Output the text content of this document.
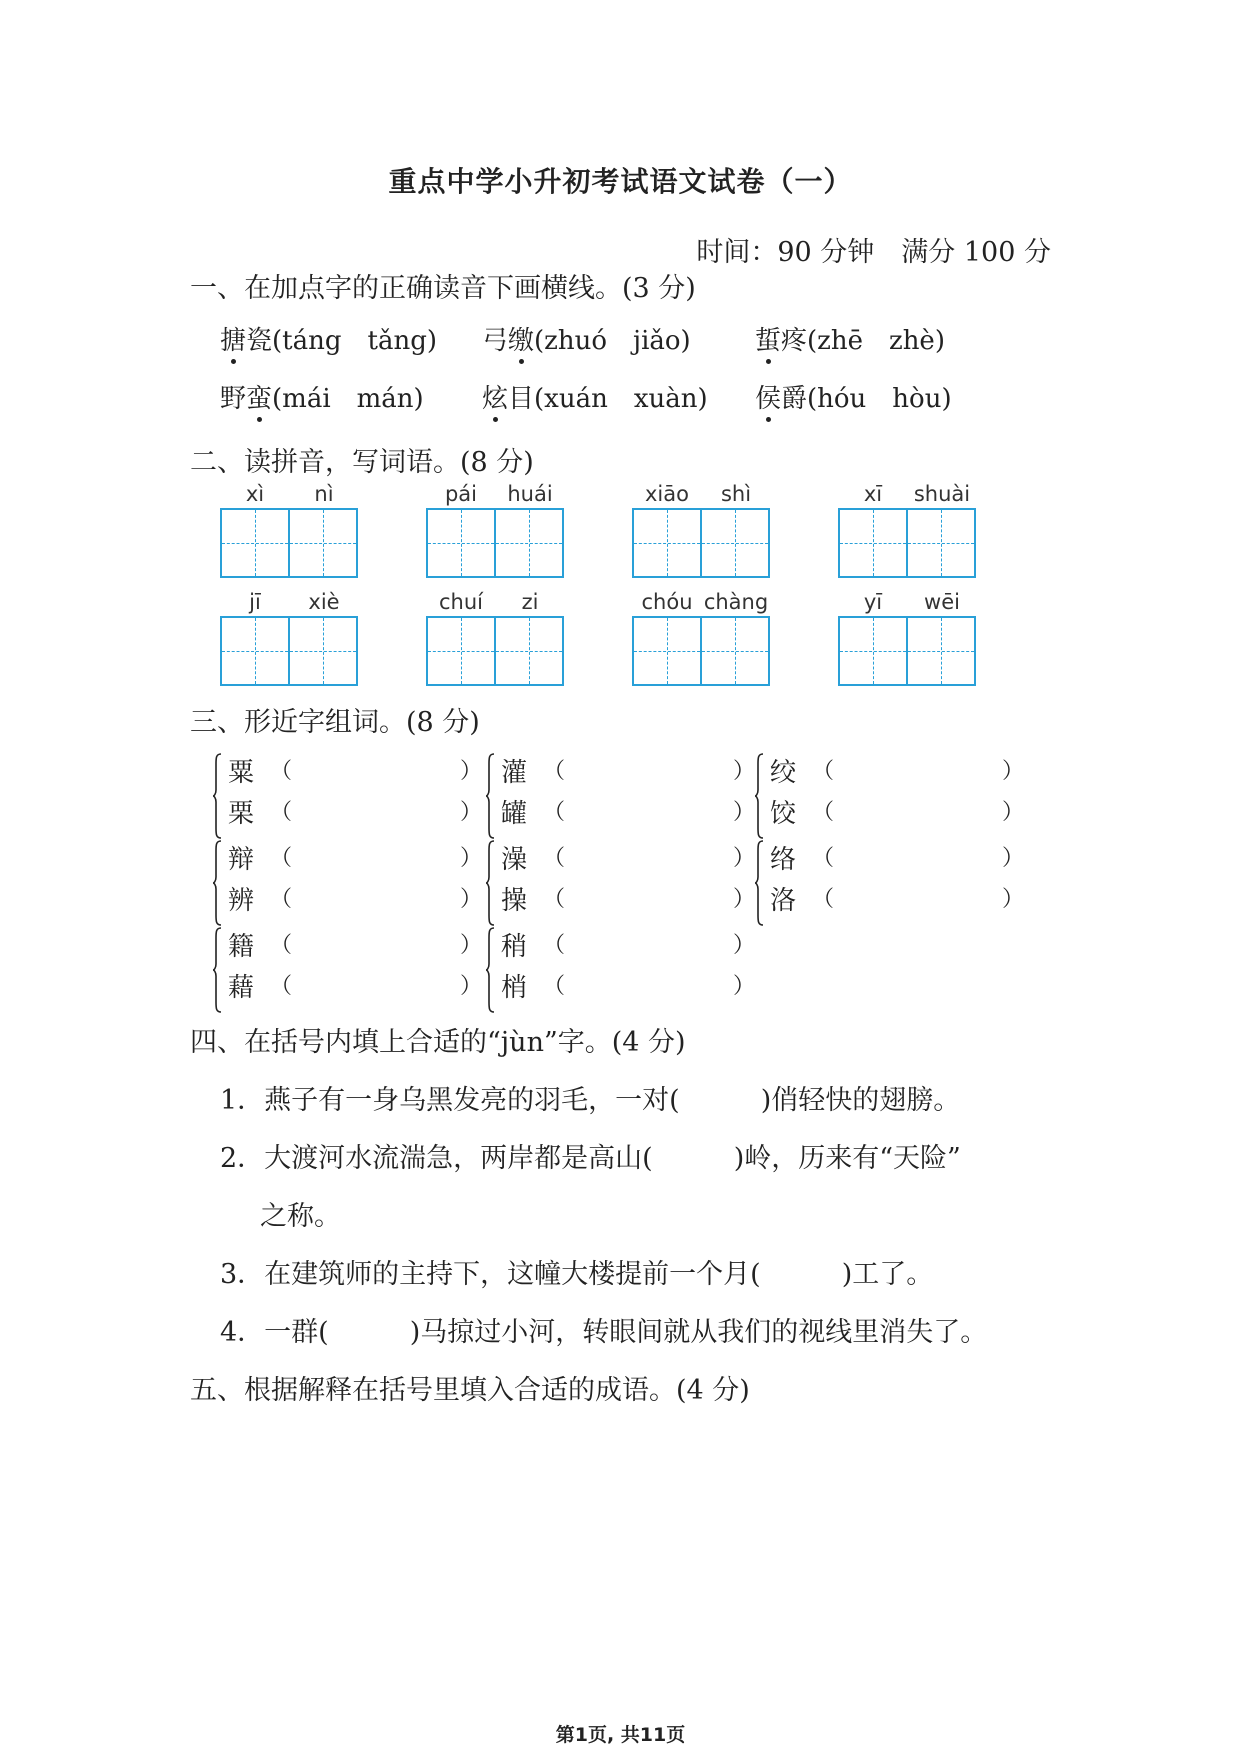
重点中学小升初考试语文试卷（一）
时间：90 分钟　满分 100 分
一、在加点字的正确读音下画横线。(3 分)
搪瓷(táng　tǎng) 弓缴(zhuó　jiǎo) 蜇疼(zhē　zhè)
野蛮(mái　mán) 炫目(xuán　xuàn) 侯爵(hóu　hòu)
二、读拼音，写词语。(8 分)
xì	nì	pái	huái	xiāo	shì	xī	shuài
jī	xiè	chuí	zi	chóu chàng	yī	wēi
三、形近字组词。(8 分)
粟 （	）
栗 （	）
灌 （	）
罐 （	）
绞 （	）
饺 （	）
辩 （	）
辨 （	）
澡 （	）
操 （	）
络 （	）
洛 （	）
籍 （	）
藉 （	）
稍 （	）
梢 （	）
四、在括号内填上合适的“jùn”字。(4 分)
1．燕子有一身乌黑发亮的羽毛，一对(　　　)俏轻快的翅膀。
2．大渡河水流湍急，两岸都是高山(　　　)岭，历来有“天险”
之称。
3．在建筑师的主持下，这幢大楼提前一个月(　　　)工了。
4．一群(　　　)马掠过小河，转眼间就从我们的视线里消失了。
五、根据解释在括号里填入合适的成语。(4 分)
第1页, 共11页
